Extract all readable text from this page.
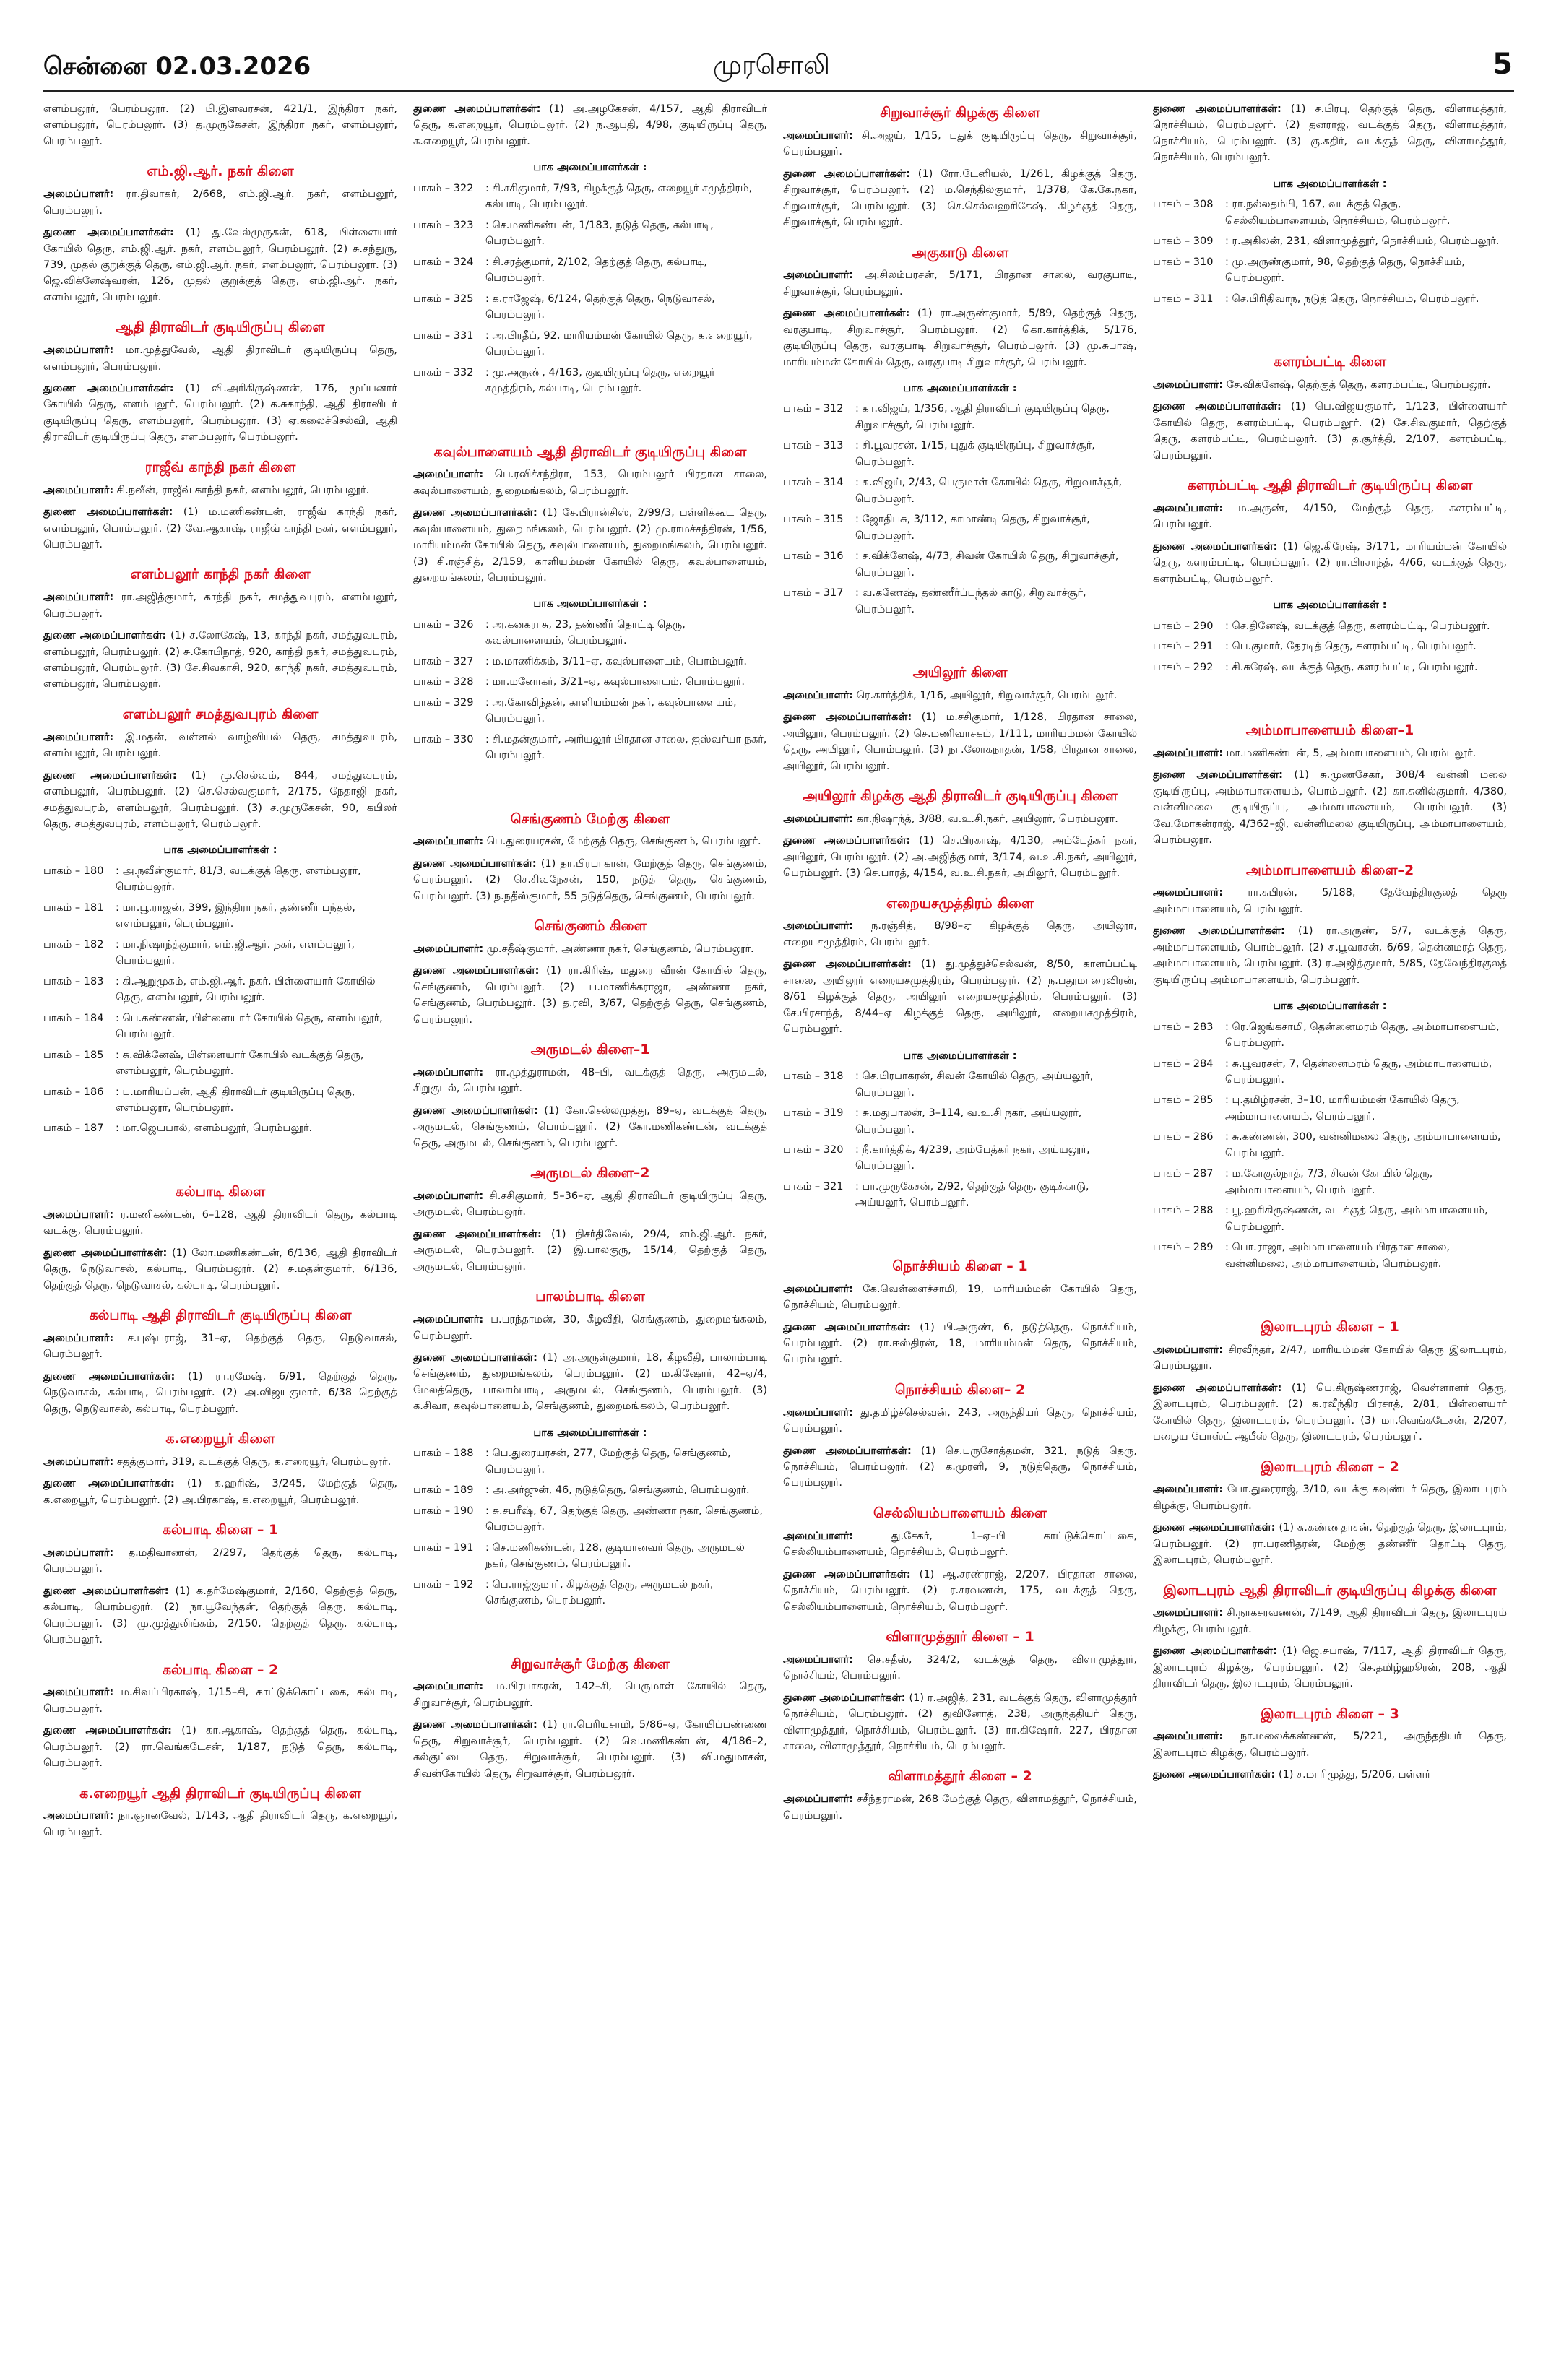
சென்னை 02.03.2026	முரசொலி	5

எளம்பலூர், பெரம்பலூர். (2) பி.இளவரசன், 421/1, இந்திரா நகர், எளம்பலூர், பெரம்பலூர். (3) த.முருகேசன், இந்திரா நகர், எளம்பலூர், பெரம்பலூர்.

எம்.ஜி.ஆர். நகர் கிளை

அமைப்பாளர்: ரா.திவாகர், 2/668, எம்.ஜி.ஆர். நகர், எளம்பலூர், பெரம்பலூர்.

துணை அமைப்பாளர்கள்: (1) து.வேல்முருகன், 618, பிள்ளையார் கோயில் தெரு, எம்.ஜி.ஆர். நகர், எளம்பலூர், பெரம்பலூர். (2) சு.சந்துரு, 739, முதல் குறுக்குத் தெரு, எம்.ஜி.ஆர். நகர், எளம்பலூர், பெரம்பலூர். (3) ஜெ.விக்னேஷ்வரன், 126, முதல் குறுக்குத் தெரு, எம்.ஜி.ஆர். நகர், எளம்பலூர், பெரம்பலூர்.

ஆதி திராவிடர் குடியிருப்பு கிளை

அமைப்பாளர்: மா.முத்துவேல், ஆதி திராவிடர் குடியிருப்பு தெரு, எளம்பலூர், பெரம்பலூர்.

துணை அமைப்பாளர்கள்: (1) வி.அரிகிருஷ்ணன், 176, மூப்பனார் கோயில் தெரு, எளம்பலூர், பெரம்பலூர். (2) க.சுகாந்தி, ஆதி திராவிடர் குடியிருப்பு தெரு, எளம்பலூர், பெரம்பலூர். (3) ஏ.கலைச்செல்வி, ஆதி திராவிடர் குடியிருப்பு தெரு, எளம்பலூர், பெரம்பலூர்.

ராஜீவ் காந்தி நகர் கிளை

அமைப்பாளர்: சி.நவீன், ராஜீவ் காந்தி நகர், எளம்பலூர், பெரம்பலூர்.

துணை அமைப்பாளர்கள்: (1) ம.மணிகண்டன், ராஜீவ் காந்தி நகர், எளம்பலூர், பெரம்பலூர். (2) வே.ஆகாஷ், ராஜீவ் காந்தி நகர், எளம்பலூர், பெரம்பலூர்.

எளம்பலூர் காந்தி நகர் கிளை

அமைப்பாளர்: ரா.அஜித்குமார், காந்தி நகர், சமத்துவபுரம், எளம்பலூர், பெரம்பலூர்.

துணை அமைப்பாளர்கள்: (1) ச.லோகேஷ், 13, காந்தி நகர், சமத்துவபுரம், எளம்பலூர், பெரம்பலூர். (2) சு.கோபிநாத், 920, காந்தி நகர், சமத்துவபுரம், எளம்பலூர், பெரம்பலூர். (3) சே.சிவகாசி, 920, காந்தி நகர், சமத்துவபுரம், எளம்பலூர், பெரம்பலூர்.

எளம்பலூர் சமத்துவபுரம் கிளை

அமைப்பாளர்: இ.மதன், வள்ளல் வாழ்வியல் தெரு, சமத்துவபுரம், எளம்பலூர், பெரம்பலூர்.

துணை அமைப்பாளர்கள்: (1) மு.செல்வம், 844, சமத்துவபுரம், எளம்பலூர், பெரம்பலூர். (2) செ.செல்வகுமார், 2/175, நேதாஜி நகர், சமத்துவபுரம், எளம்பலூர், பெரம்பலூர். (3) ச.முருகேசன், 90, கபிலர் தெரு, சமத்துவபுரம், எளம்பலூர், பெரம்பலூர்.

பாக அமைப்பாளர்கள் :
பாகம் – 180	: அ.நவீன்குமார், 81/3, வடக்குத் தெரு, எளம்பலூர், பெரம்பலூர்.
பாகம் – 181	: மா.பூ.ராஜன், 399, இந்திரா நகர், தண்ணீர் பந்தல், எளம்பலூர், பெரம்பலூர்.
பாகம் – 182	: மா.நிஷாந்த்குமார், எம்.ஜி.ஆர். நகர், எளம்பலூர், பெரம்பலூர்.
பாகம் – 183	: கி.ஆறுமுகம், எம்.ஜி.ஆர். நகர், பிள்ளையார் கோயில் தெரு, எளம்பலூர், பெரம்பலூர்.
பாகம் – 184	: பெ.கண்ணன், பிள்ளையார் கோயில் தெரு, எளம்பலூர், பெரம்பலூர்.
பாகம் – 185	: சு.விக்னேஷ், பிள்ளையார் கோயில் வடக்குத் தெரு, எளம்பலூர், பெரம்பலூர்.
பாகம் – 186	: ப.மாரியப்பன், ஆதி திராவிடர் குடியிருப்பு தெரு, எளம்பலூர், பெரம்பலூர்.
பாகம் – 187	: மா.ஜெயபால், எளம்பலூர், பெரம்பலூர்.
கல்பாடி கிளை

அமைப்பாளர்: ர.மணிகண்டன், 6–128, ஆதி திராவிடர் தெரு, கல்பாடி வடக்கு, பெரம்பலூர்.

துணை அமைப்பாளர்கள்: (1) லோ.மணிகண்டன், 6/136, ஆதி திராவிடர் தெரு, நெடுவாசல், கல்பாடி, பெரம்பலூர். (2) சு.மதன்குமார், 6/136, தெற்குத் தெரு, நெடுவாசல், கல்பாடி, பெரம்பலூர்.

கல்பாடி ஆதி திராவிடர் குடியிருப்பு கிளை

அமைப்பாளர்: ச.புஷ்பராஜ், 31–ஏ, தெற்குத் தெரு, நெடுவாசல், பெரம்பலூர்.

துணை அமைப்பாளர்கள்: (1) ரா.ரமேஷ், 6/91, தெற்குத் தெரு, நெடுவாசல், கல்பாடி, பெரம்பலூர். (2) அ.விஜயகுமார், 6/38 தெற்குத் தெரு, நெடுவாசல், கல்பாடி, பெரம்பலூர்.

க.எறையூர் கிளை

அமைப்பாளர்: சதத்குமார், 319, வடக்குத் தெரு, க.எறையூர், பெரம்பலூர்.

துணை அமைப்பாளர்கள்: (1) க.ஹரிஷ், 3/245, மேற்குத் தெரு, க.எறையூர், பெரம்பலூர். (2) அ.பிரகாஷ், க.எறையூர், பெரம்பலூர்.

கல்பாடி கிளை – 1

அமைப்பாளர்: த.மதிவாணன், 2/297, தெற்குத் தெரு, கல்பாடி, பெரம்பலூர்.

துணை அமைப்பாளர்கள்: (1) க.தர்மேஷ்குமார், 2/160, தெற்குத் தெரு, கல்பாடி, பெரம்பலூர். (2) நா.பூவேந்தன், தெற்குத் தெரு, கல்பாடி, பெரம்பலூர். (3) மு.முத்துலிங்கம், 2/150, தெற்குத் தெரு, கல்பாடி, பெரம்பலூர்.

கல்பாடி கிளை – 2

அமைப்பாளர்: ம.சிவப்பிரகாஷ், 1/15–சி, காட்டுக்கொட்டகை, கல்பாடி, பெரம்பலூர்.

துணை அமைப்பாளர்கள்: (1) கா.ஆகாஷ், தெற்குத் தெரு, கல்பாடி, பெரம்பலூர். (2) ரா.வெங்கடேசன், 1/187, நடுத் தெரு, கல்பாடி, பெரம்பலூர்.

க.எறையூர் ஆதி திராவிடர் குடியிருப்பு கிளை

அமைப்பாளர்: நா.ஞானவேல், 1/143, ஆதி திராவிடர் தெரு, க.எறையூர், பெரம்பலூர்.

துணை அமைப்பாளர்கள்: (1) அ.அழகேசன், 4/157, ஆதி திராவிடர் தெரு, க.எறையூர், பெரம்பலூர். (2) ந.ஆபதி, 4/98, குடியிருப்பு தெரு, க.எறையூர், பெரம்பலூர்.

பாக அமைப்பாளர்கள் :
பாகம் – 322	: சி.சசிகுமார், 7/93, கிழக்குத் தெரு, எறையூர் சமுத்திரம், கல்பாடி, பெரம்பலூர்.
பாகம் – 323	: செ.மணிகண்டன், 1/183, நடுத் தெரு, கல்பாடி, பெரம்பலூர்.
பாகம் – 324	: சி.சரத்குமார், 2/102, தெற்குத் தெரு, கல்பாடி, பெரம்பலூர்.
பாகம் – 325	: க.ராஜேஷ், 6/124, தெற்குத் தெரு, நெடுவாசல், பெரம்பலூர்.
பாகம் – 331	: அ.பிரதீப், 92, மாரியம்மன் கோயில் தெரு, க.எறையூர், பெரம்பலூர்.
பாகம் – 332	: மு.அருண், 4/163, குடியிருப்பு தெரு, எறையூர் சமுத்திரம், கல்பாடி, பெரம்பலூர்.
கவுல்பாளையம் ஆதி திராவிடர் குடியிருப்பு கிளை

அமைப்பாளர்: பெ.ரவிச்சந்திரா, 153, பெரம்பலூர் பிரதான சாலை, கவுல்பாளையம், துறைமங்கலம், பெரம்பலூர்.

துணை அமைப்பாளர்கள்: (1) சே.பிரான்சிஸ், 2/99/3, பள்ளிக்கூட தெரு, கவுல்பாளையம், துறைமங்கலம், பெரம்பலூர். (2) மு.ராமச்சந்திரன், 1/56, மாரியம்மன் கோயில் தெரு, கவுல்பாளையம், துறைமங்கலம், பெரம்பலூர். (3) சி.ரஞ்சித், 2/159, காளியம்மன் கோயில் தெரு, கவுல்பாளையம், துறைமங்கலம், பெரம்பலூர்.

பாக அமைப்பாளர்கள் :
பாகம் – 326	: அ.கனகராசு, 23, தண்ணீர் தொட்டி தெரு, கவுல்பாளையம், பெரம்பலூர்.
பாகம் – 327	: ம.மாணிக்கம், 3/11–ஏ, கவுல்பாளையம், பெரம்பலூர்.
பாகம் – 328	: மா.மனோகர், 3/21–ஏ, கவுல்பாளையம், பெரம்பலூர்.
பாகம் – 329	: அ.கோவிந்தன், காளியம்மன் நகர், கவுல்பாளையம், பெரம்பலூர்.
பாகம் – 330	: சி.மதன்குமார், அரியலூர் பிரதான சாலை, ஐஸ்வர்யா நகர், பெரம்பலூர்.
செங்குணம் மேற்கு கிளை

அமைப்பாளர்: பெ.துரையரசன், மேற்குத் தெரு, செங்குணம், பெரம்பலூர்.

துணை அமைப்பாளர்கள்: (1) தா.பிரபாகரன், மேற்குத் தெரு, செங்குணம், பெரம்பலூர். (2) செ.சிவநேசன், 150, நடுத் தெரு, செங்குணம், பெரம்பலூர். (3) ந.நதீஸ்குமார், 55 நடுத்தெரு, செங்குணம், பெரம்பலூர்.

செங்குணம் கிளை

அமைப்பாளர்: மு.சதீஷ்குமார், அண்ணா நகர், செங்குணம், பெரம்பலூர்.

துணை அமைப்பாளர்கள்: (1) ரா.கிரிஷ், மதுரை வீரன் கோயில் தெரு, செங்குணம், பெரம்பலூர். (2) ப.மாணிக்கராஜா, அண்ணா நகர், செங்குணம், பெரம்பலூர். (3) த.ரவி, 3/67, தெற்குத் தெரு, செங்குணம், பெரம்பலூர்.

அருமடல் கிளை–1

அமைப்பாளர்: ரா.முத்துராமன், 48–பி, வடக்குத் தெரு, அருமடல், சிறுகுடல், பெரம்பலூர்.

துணை அமைப்பாளர்கள்: (1) கோ.செல்லமுத்து, 89–ஏ, வடக்குத் தெரு, அருமடல், செங்குணம், பெரம்பலூர். (2) கோ.மணிகண்டன், வடக்குத் தெரு, அருமடல், செங்குணம், பெரம்பலூர்.

அருமடல் கிளை–2

அமைப்பாளர்: சி.சசிகுமார், 5–36–ஏ, ஆதி திராவிடர் குடியிருப்பு தெரு, அருமடல், பெரம்பலூர்.

துணை அமைப்பாளர்கள்: (1) நிசர்திவேல், 29/4, எம்.ஜி.ஆர். நகர், அருமடல், பெரம்பலூர். (2) இ.பாலகுரு, 15/14, தெற்குத் தெரு, அருமடல், பெரம்பலூர்.

பாலம்பாடி கிளை

அமைப்பாளர்: ப.பரந்தாமன், 30, கீழவீதி, செங்குணம், துறைமங்கலம், பெரம்பலூர்.

துணை அமைப்பாளர்கள்: (1) அ.அருள்குமார், 18, கீழவீதி, பாலாம்பாடி செங்குணம், துறைமங்கலம், பெரம்பலூர். (2) ம.கிஷோர், 42–ஏ/4, மேலத்தெரு, பாலாம்பாடி, அருமடல், செங்குணம், பெரம்பலூர். (3) க.சிவா, கவுல்பாளையம், செங்குணம், துறைமங்கலம், பெரம்பலூர்.

பாக அமைப்பாளர்கள் :
பாகம் – 188	: பெ.துரையரசன், 277, மேற்குத் தெரு, செங்குணம், பெரம்பலூர்.
பாகம் – 189	: அ.அர்ஜுன், 46, நடுத்தெரு, செங்குணம், பெரம்பலூர்.
பாகம் – 190	: சு.சபரீஷ், 67, தெற்குத் தெரு, அண்ணா நகர், செங்குணம், பெரம்பலூர்.
பாகம் – 191	: செ.மணிகண்டன், 128, குடியானவர் தெரு, அருமடல் நகர், செங்குணம், பெரம்பலூர்.
பாகம் – 192	: பெ.ராஜ்குமார், கிழக்குத் தெரு, அருமடல் நகர், செங்குணம், பெரம்பலூர்.
சிறுவாச்சூர் மேற்கு கிளை

அமைப்பாளர்: ம.பிரபாகரன், 142–சி, பெருமாள் கோயில் தெரு, சிறுவாச்சூர், பெரம்பலூர்.

துணை அமைப்பாளர்கள்: (1) ரா.பெரியசாமி, 5/86–ஏ, கோயிப்பண்ணை தெரு, சிறுவாச்சூர், பெரம்பலூர். (2) வெ.மணிகண்டன், 4/186–2, கல்குட்டை தெரு, சிறுவாச்சூர், பெரம்பலூர். (3) வி.மதுமாசன், சிவன்கோயில் தெரு, சிறுவாச்சூர், பெரம்பலூர்.

சிறுவாச்சூர் கிழக்கு கிளை

அமைப்பாளர்: சி.அஜய், 1/15, புதுக் குடியிருப்பு தெரு, சிறுவாச்சூர், பெரம்பலூர்.

துணை அமைப்பாளர்கள்: (1) ரோ.டேனியல், 1/261, கிழக்குத் தெரு, சிறுவாச்சூர், பெரம்பலூர். (2) ம.செந்தில்குமார், 1/378, கே.கே.நகர், சிறுவாச்சூர், பெரம்பலூர். (3) செ.செல்வஹரிகேஷ், கிழக்குத் தெரு, சிறுவாச்சூர், பெரம்பலூர்.

அகுகாடு கிளை

அமைப்பாளர்: அ.சிலம்பரசன், 5/171, பிரதான சாலை, வரகுபாடி, சிறுவாச்சூர், பெரம்பலூர்.

துணை அமைப்பாளர்கள்: (1) ரா.அருண்குமார், 5/89, தெற்குத் தெரு, வரகுபாடி, சிறுவாச்சூர், பெரம்பலூர். (2) கொ.கார்த்திக், 5/176, குடியிருப்பு தெரு, வரகுபாடி சிறுவாச்சூர், பெரம்பலூர். (3) மு.சுபாஷ், மாரியம்மன் கோயில் தெரு, வரகுபாடி சிறுவாச்சூர், பெரம்பலூர்.

பாக அமைப்பாளர்கள் :
பாகம் – 312	: கா.விஜய், 1/356, ஆதி திராவிடர் குடியிருப்பு தெரு, சிறுவாச்சூர், பெரம்பலூர்.
பாகம் – 313	: சி.பூவரசன், 1/15, புதுக் குடியிருப்பு, சிறுவாச்சூர், பெரம்பலூர்.
பாகம் – 314	: சு.விஜய், 2/43, பெருமாள் கோயில் தெரு, சிறுவாச்சூர், பெரம்பலூர்.
பாகம் – 315	: ஜோதிபசு, 3/112, காமாண்டி தெரு, சிறுவாச்சூர், பெரம்பலூர்.
பாகம் – 316	: ச.விக்னேஷ், 4/73, சிவன் கோயில் தெரு, சிறுவாச்சூர், பெரம்பலூர்.
பாகம் – 317	: வ.கணேஷ், தண்ணீர்ப்பந்தல் காடு, சிறுவாச்சூர், பெரம்பலூர்.
அயிலூர் கிளை

அமைப்பாளர்: ரெ.கார்த்திக், 1/16, அயிலூர், சிறுவாச்சூர், பெரம்பலூர்.

துணை அமைப்பாளர்கள்: (1) ம.சசிகுமார், 1/128, பிரதான சாலை, அயிலூர், பெரம்பலூர். (2) செ.மணிவாசகம், 1/111, மாரியம்மன் கோயில் தெரு, அயிலூர், பெரம்பலூர். (3) நா.லோகநாதன், 1/58, பிரதான சாலை, அயிலூர், பெரம்பலூர்.

அயிலூர் கிழக்கு ஆதி திராவிடர் குடியிருப்பு கிளை

அமைப்பாளர்: கா.நிஷாந்த், 3/88, வ.உ.சி.நகர், அயிலூர், பெரம்பலூர்.

துணை அமைப்பாளர்கள்: (1) செ.பிரகாஷ், 4/130, அம்பேத்கர் நகர், அயிலூர், பெரம்பலூர். (2) அ.அஜித்குமார், 3/174, வ.உ.சி.நகர், அயிலூர், பெரம்பலூர். (3) செ.பாரத், 4/154, வ.உ.சி.நகர், அயிலூர், பெரம்பலூர்.

எறையசமுத்திரம் கிளை

அமைப்பாளர்: ந.ரஞ்சித், 8/98–ஏ கிழக்குத் தெரு, அயிலூர், எறையசமுத்திரம், பெரம்பலூர்.

துணை அமைப்பாளர்கள்: (1) து.முத்துச்செல்வன், 8/50, காளப்பட்டி சாலை, அயிலூர் எறையசமுத்திரம், பெரம்பலூர். (2) ந.பதூமாரைவிரன், 8/61 கிழக்குத் தெரு, அயிலூர் எறையசமுத்திரம், பெரம்பலூர். (3) சே.பிரசாந்த், 8/44–ஏ கிழக்குத் தெரு, அயிலூர், எறையசமுத்திரம், பெரம்பலூர்.

பாக அமைப்பாளர்கள் :
பாகம் – 318	: செ.பிரபாகரன், சிவன் கோயில் தெரு, அய்யலூர், பெரம்பலூர்.
பாகம் – 319	: சு.மதுபாலன், 3–114, வ.உ.சி நகர், அய்யலூர், பெரம்பலூர்.
பாகம் – 320	: நீ.கார்த்திக், 4/239, அம்பேத்கர் நகர், அய்யலூர், பெரம்பலூர்.
பாகம் – 321	: பா.முருகேசன், 2/92, தெற்குத் தெரு, குடிக்காடு, அய்யலூர், பெரம்பலூர்.
நொச்சியம் கிளை – 1

அமைப்பாளர்: கே.வெள்ளைச்சாமி, 19, மாரியம்மன் கோயில் தெரு, நொச்சியம், பெரம்பலூர்.

துணை அமைப்பாளர்கள்: (1) பி.அருண், 6, நடுத்தெரு, நொச்சியம், பெரம்பலூர். (2) ரா.ஈஸ்திரன், 18, மாரியம்மன் தெரு, நொச்சியம், பெரம்பலூர்.

நொச்சியம் கிளை– 2

அமைப்பாளர்: து.தமிழ்ச்செல்வன், 243, அருந்தியர் தெரு, நொச்சியம், பெரம்பலூர்.

துணை அமைப்பாளர்கள்: (1) செ.புருசோத்தமன், 321, நடுத் தெரு, நொச்சியம், பெரம்பலூர். (2) க.முரளி, 9, நடுத்தெரு, நொச்சியம், பெரம்பலூர்.

செல்லியம்பாளையம் கிளை

அமைப்பாளர்:	து.சேகர், 1–ஏ–பி காட்டுக்கொட்டகை, செல்லியம்பாளையம், நொச்சியம், பெரம்பலூர்.

துணை அமைப்பாளர்கள்: (1) ஆ.சரண்ராஜ், 2/207, பிரதான சாலை, நொச்சியம், பெரம்பலூர். (2) ர.சரவணன், 175, வடக்குத் தெரு, செல்லியம்பாளையம், நொச்சியம், பெரம்பலூர்.

விளாமுத்தூர் கிளை – 1

அமைப்பாளர்: செ.சதீஸ், 324/2, வடக்குத் தெரு, விளாமுத்தூர், நொச்சியம், பெரம்பலூர்.

துணை அமைப்பாளர்கள்: (1) ர.அஜித், 231, வடக்குத் தெரு, விளாமுத்தூர் நொச்சியம், பெரம்பலூர். (2) துவினோத், 238, அருந்ததியர் தெரு, விளாமுத்தூர், நொச்சியம், பெரம்பலூர். (3) ரா.கிஷோர், 227, பிரதான சாலை, விளாமுத்தூர், நொச்சியம், பெரம்பலூர்.

விளாமத்தூர் கிளை – 2

அமைப்பாளர்: சசீந்தராமன், 268 மேற்குத் தெரு, விளாமத்தூர், நொச்சியம், பெரம்பலூர்.

துணை அமைப்பாளர்கள்: (1) ச.பிரபு, தெற்குத் தெரு, விளாமத்தூர், நொச்சியம், பெரம்பலூர். (2) தனராஜ், வடக்குத் தெரு, விளாமத்தூர், நொச்சியம், பெரம்பலூர். (3) கு.சுதிர், வடக்குத் தெரு, விளாமத்தூர், நொச்சியம், பெரம்பலூர்.

பாக அமைப்பாளர்கள் :
பாகம் – 308	: ரா.நல்லதம்பி, 167, வடக்குத் தெரு, செல்லியம்பாளையம், நொச்சியம், பெரம்பலூர்.
பாகம் – 309	: ர.அகிலன், 231, விளாமுத்தூர், நொச்சியம், பெரம்பலூர்.
பாகம் – 310	: மு.அருண்குமார், 98, தெற்குத் தெரு, நொச்சியம், பெரம்பலூர்.
பாகம் – 311	: செ.பிரிதிவாந, நடுத் தெரு, நொச்சியம், பெரம்பலூர்.
களரம்பட்டி கிளை

அமைப்பாளர்: சே.விக்னேஷ், தெற்குத் தெரு, களரம்பட்டி, பெரம்பலூர்.

துணை அமைப்பாளர்கள்: (1) பெ.விஜயகுமார், 1/123, பிள்ளையார் கோயில் தெரு, களரம்பட்டி, பெரம்பலூர். (2) சே.சிவகுமார், தெற்குத் தெரு, களரம்பட்டி, பெரம்பலூர். (3) த.சூர்த்தி, 2/107, களரம்பட்டி, பெரம்பலூர்.

களரம்பட்டி ஆதி திராவிடர் குடியிருப்பு கிளை

அமைப்பாளர்: ம.அருண், 4/150, மேற்குத் தெரு, களரம்பட்டி, பெரம்பலூர்.

துணை அமைப்பாளர்கள்: (1) ஜெ.கிரேஷ், 3/171, மாரியம்மன் கோயில் தெரு, களரம்பட்டி, பெரம்பலூர். (2) ரா.பிரசாந்த், 4/66, வடக்குத் தெரு, களரம்பட்டி, பெரம்பலூர்.

பாக அமைப்பாளர்கள் :
பாகம் – 290	: செ.தினேஷ், வடக்குத் தெரு, களரம்பட்டி, பெரம்பலூர்.
பாகம் – 291	: பெ.குமார், தேரடித் தெரு, களரம்பட்டி, பெரம்பலூர்.
பாகம் – 292	: சி.சுரேஷ், வடக்குத் தெரு, களரம்பட்டி, பெரம்பலூர்.
அம்மாபாளையம் கிளை–1

அமைப்பாளர்: மா.மணிகண்டன், 5, அம்மாபாளையம், பெரம்பலூர்.

துணை அமைப்பாளர்கள்: (1) சு.முணசேகர், 308/4 வன்னி மலை குடியிருப்பு, அம்மாபாளையம், பெரம்பலூர். (2) கா.சுனில்குமார், 4/380, வன்னிமலை குடியிருப்பு, அம்மாபாளையம், பெரம்பலூர். (3) வே.மோகன்ராஜ், 4/362–ஜி, வன்னிமலை குடியிருப்பு, அம்மாபாளையம், பெரம்பலூர்.

அம்மாபாளையம் கிளை–2

அமைப்பாளர்: ரா.சுபிரன், 5/188, தேவேந்திரகுலத் தெரு அம்மாபாளையம், பெரம்பலூர்.

துணை அமைப்பாளர்கள்: (1) ரா.அருண், 5/7, வடக்குத் தெரு, அம்மாபாளையம், பெரம்பலூர். (2) சு.பூவரசன், 6/69, தென்னமரத் தெரு, அம்மாபாளையம், பெரம்பலூர். (3) ர.அஜித்குமார், 5/85, தேவேந்திரகுலத் குடியிருப்பு அம்மாபாளையம், பெரம்பலூர்.

பாக அமைப்பாளர்கள் :
பாகம் – 283	: ரெ.ஜெங்கசாமி, தென்னைமரம் தெரு, அம்மாபாளையம், பெரம்பலூர்.
பாகம் – 284	: சு.பூவரசன், 7, தென்னைமரம் தெரு, அம்மாபாளையம், பெரம்பலூர்.
பாகம் – 285	: பு.தமிழ்ரசன், 3–10, மாரியம்மன் கோயில் தெரு, அம்மாபாளையம், பெரம்பலூர்.
பாகம் – 286	: சு.கண்ணன், 300, வன்னிமலை தெரு, அம்மாபாளையம், பெரம்பலூர்.
பாகம் – 287	: ம.கோகுல்நாத், 7/3, சிவன் கோயில் தெரு, அம்மாபாளையம், பெரம்பலூர்.
பாகம் – 288	: பூ.ஹரிகிருஷ்ணன், வடக்குத் தெரு, அம்மாபாளையம், பெரம்பலூர்.
பாகம் – 289	: பொ.ராஜா, அம்மாபாளையம் பிரதான சாலை, வன்னிமலை, அம்மாபாளையம், பெரம்பலூர்.
இலாடபுரம் கிளை – 1

அமைப்பாளர்: சிரவீந்தர், 2/47, மாரியம்மன் கோயில் தெரு இலாடபுரம், பெரம்பலூர்.

துணை அமைப்பாளர்கள்: (1) பெ.கிருஷ்ணராஜ், வெள்ளாளர் தெரு, இலாடபுரம், பெரம்பலூர். (2) க.ரவீந்திர பிரசாத், 2/81, பிள்ளையார் கோயில் தெரு, இலாடபுரம், பெரம்பலூர். (3) மா.வெங்கடேசன், 2/207, பழைய போஸ்ட் ஆபீஸ் தெரு, இலாடபுரம், பெரம்பலூர்.

இலாடபுரம் கிளை – 2

அமைப்பாளர்: போ.துரைராஜ், 3/10, வடக்கு கவுண்டர் தெரு, இலாடபுரம் கிழக்கு, பெரம்பலூர்.

துணை அமைப்பாளர்கள்: (1) சு.கண்ணதாசன், தெற்குத் தெரு, இலாடபுரம், பெரம்பலூர். (2) ரா.பரணிதரன், மேற்கு தண்ணீர் தொட்டி தெரு, இலாடபுரம், பெரம்பலூர்.

இலாடபுரம் ஆதி திராவிடர் குடியிருப்பு கிழக்கு கிளை

அமைப்பாளர்: சி.நாகசரவணன், 7/149, ஆதி திராவிடர் தெரு, இலாடபுரம் கிழக்கு, பெரம்பலூர்.

துணை அமைப்பாளர்கள்: (1) ஜெ.சுபாஷ், 7/117, ஆதி திராவிடர் தெரு, இலாடபுரம் கிழக்கு, பெரம்பலூர். (2) செ.தமிழ்ஹூரன், 208, ஆதி திராவிடர் தெரு, இலாடபுரம், பெரம்பலூர்.

இலாடபுரம் கிளை – 3

அமைப்பாளர்: நா.மலைக்கண்ணன், 5/221, அருந்ததியர் தெரு, இலாடபுரம் கிழக்கு, பெரம்பலூர்.

துணை அமைப்பாளர்கள்: (1) ச.மாரிமுத்து, 5/206, பள்ளர்
